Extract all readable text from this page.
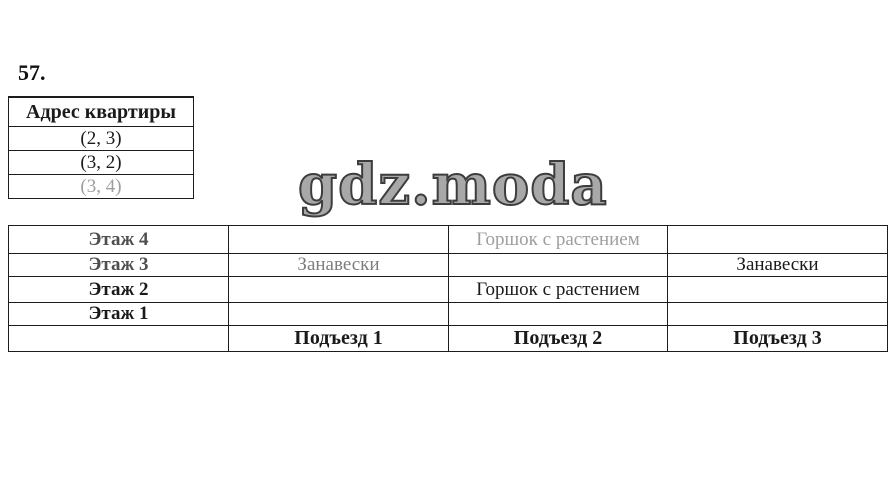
57.
Адрес квартиры
(2, 3)
(3, 2)
(3, 4)	gdz.moda
Этаж 4		Горшок с растением	
Этаж 3	Занавески		Занавески
Этаж 2		Горшок с растением	
Этаж 1			
	Подъезд 1	Подъезд 2	Подъезд 3
